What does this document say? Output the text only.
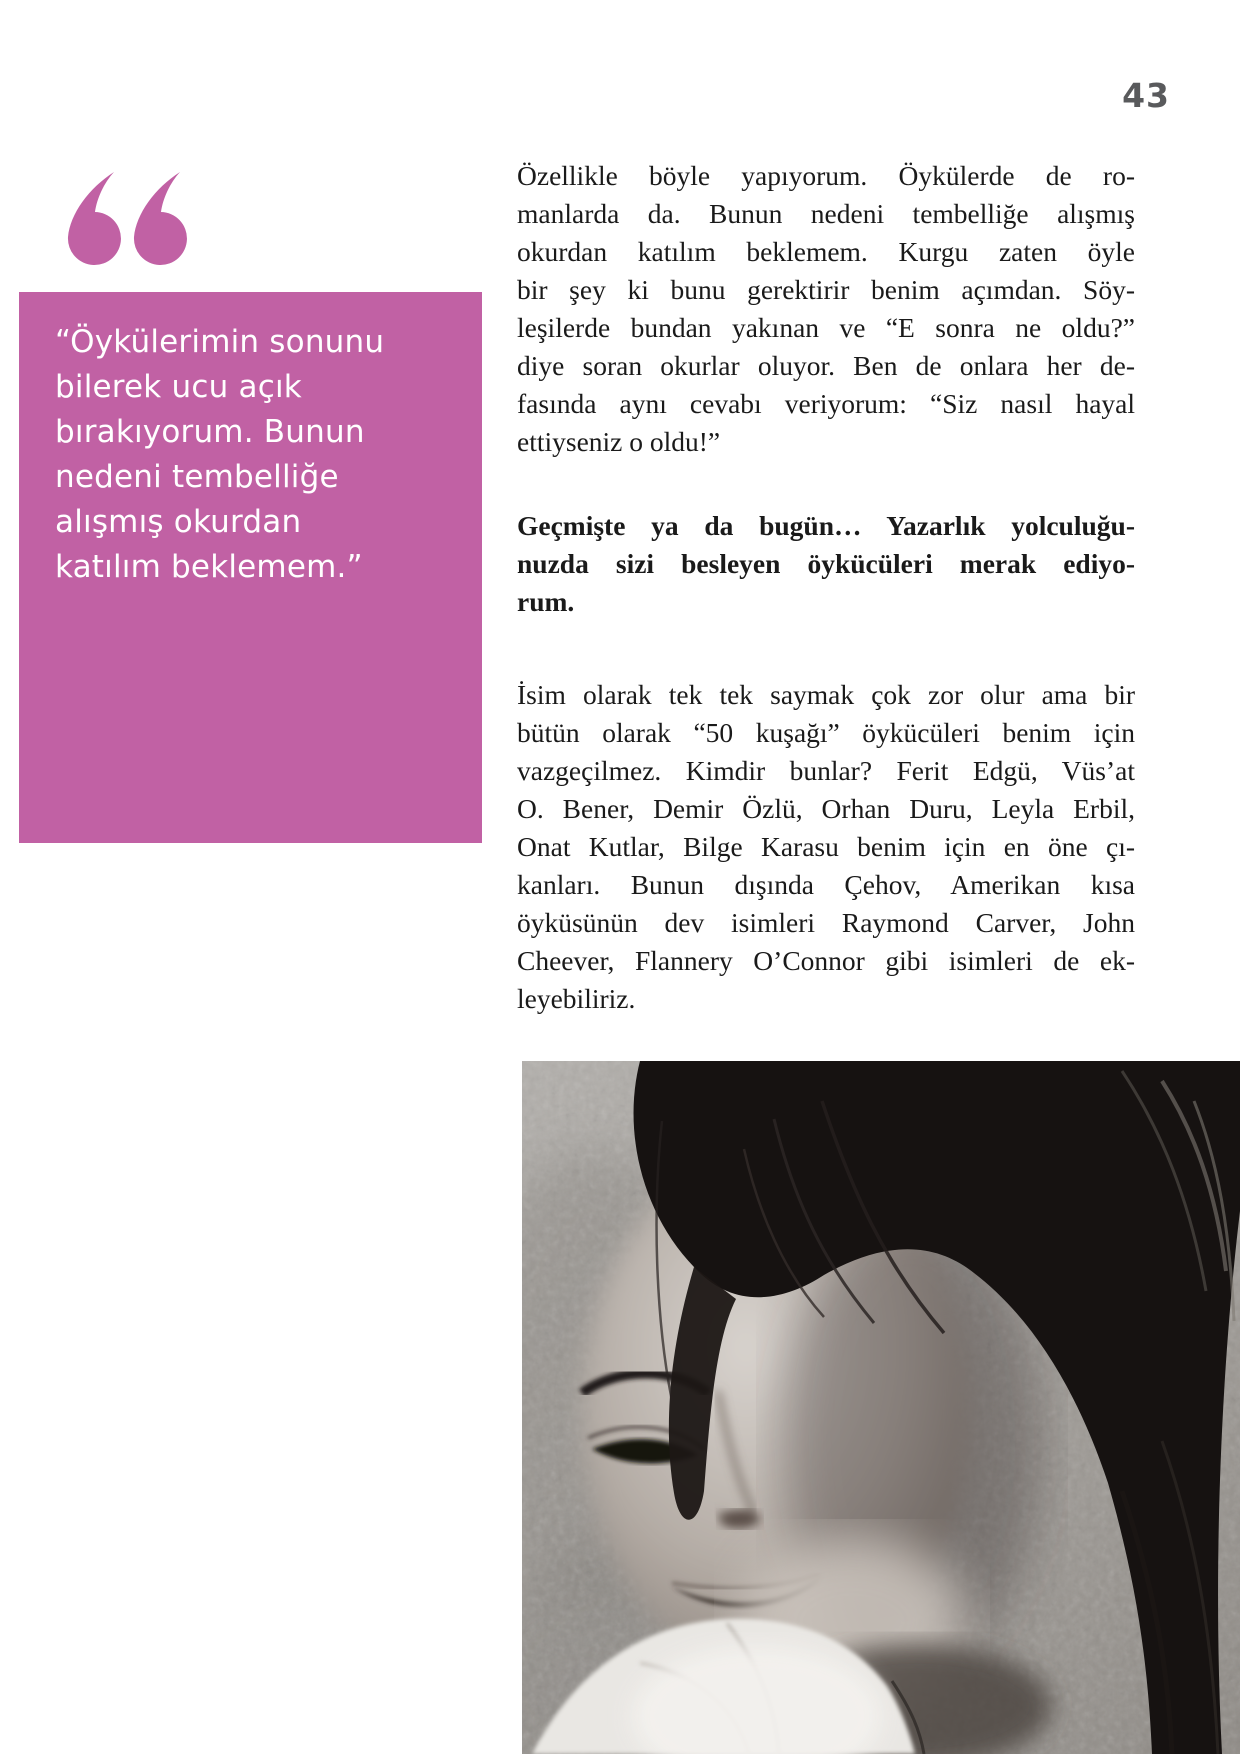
43
“Öykülerimin sonunu
bilerek ucu açık
bırakıyorum. Bunun
nedeni tembelliğe
alışmış okurdan
katılım beklemem.”
Özellikle böyle yapıyorum. Öykülerde de ro-
manlarda da. Bunun nedeni tembelliğe alışmış
okurdan katılım beklemem. Kurgu zaten öyle
bir şey ki bunu gerektirir benim açımdan. Söy-
leşilerde bundan yakınan ve “E sonra ne oldu?”
diye soran okurlar oluyor. Ben de onlara her de-
fasında aynı cevabı veriyorum: “Siz nasıl hayal
ettiyseniz o oldu!”
Geçmişte ya da bugün… Yazarlık yolculuğu-
nuzda sizi besleyen öykücüleri merak ediyo-
rum.
İsim olarak tek tek saymak çok zor olur ama bir
bütün olarak “50 kuşağı” öykücüleri benim için
vazgeçilmez. Kimdir bunlar? Ferit Edgü, Vüs’at
O. Bener, Demir Özlü, Orhan Duru, Leyla Erbil,
Onat Kutlar, Bilge Karasu benim için en öne çı-
kanları. Bunun dışında Çehov, Amerikan kısa
öyküsünün dev isimleri Raymond Carver, John
Cheever, Flannery O’Connor gibi isimleri de ek-
leyebiliriz.
